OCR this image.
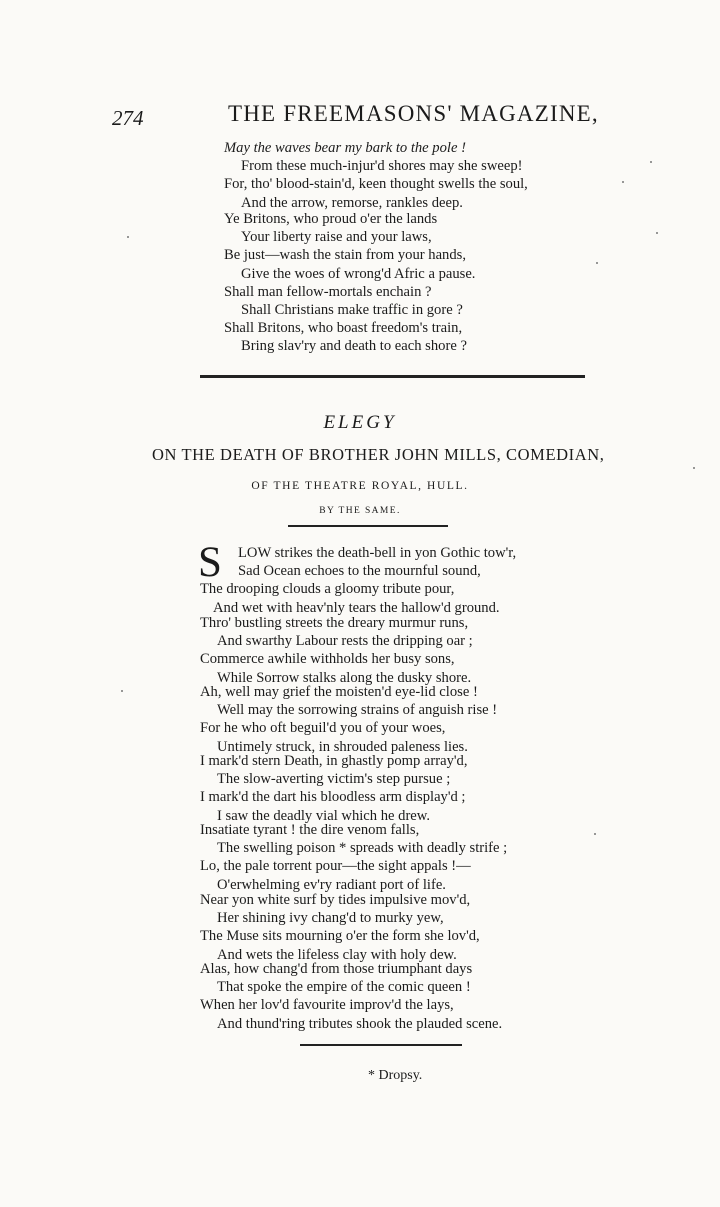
274	THE FREEMASONS' MAGAZINE,
May the waves bear my bark to the pole !
From these much-injur'd shores may she sweep!
For, tho' blood-stain'd, keen thought swells the soul,
And the arrow, remorse, rankles deep.
Ye Britons, who proud o'er the lands
Your liberty raise and your laws,
Be just—wash the stain from your hands,
Give the woes of wrong'd Afric a pause.
Shall man fellow-mortals enchain ?
Shall Christians make traffic in gore ?
Shall Britons, who boast freedom's train,
Bring slav'ry and death to each shore ?
ELEGY
ON THE DEATH OF BROTHER JOHN MILLS, COMEDIAN,
OF THE THEATRE ROYAL, HULL.
BY THE SAME.
S	LOW strikes the death-bell in yon Gothic tow'r,
Sad Ocean echoes to the mournful sound,
The drooping clouds a gloomy tribute pour,
And wet with heav'nly tears the hallow'd ground.
Thro' bustling streets the dreary murmur runs,
And swarthy Labour rests the dripping oar ;
Commerce awhile withholds her busy sons,
While Sorrow stalks along the dusky shore.
Ah, well may grief the moisten'd eye-lid close !
Well may the sorrowing strains of anguish rise !
For he who oft beguil'd you of your woes,
Untimely struck, in shrouded paleness lies.
I mark'd stern Death, in ghastly pomp array'd,
The slow-averting victim's step pursue ;
I mark'd the dart his bloodless arm display'd ;
I saw the deadly vial which he drew.
Insatiate tyrant ! the dire venom falls,
The swelling poison * spreads with deadly strife ;
Lo, the pale torrent pour—the sight appals !—
O'erwhelming ev'ry radiant port of life.
Near yon white surf by tides impulsive mov'd,
Her shining ivy chang'd to murky yew,
The Muse sits mourning o'er the form she lov'd,
And wets the lifeless clay with holy dew.
Alas, how chang'd from those triumphant days
That spoke the empire of the comic queen !
When her lov'd favourite improv'd the lays,
And thund'ring tributes shook the plauded scene.
* Dropsy.
